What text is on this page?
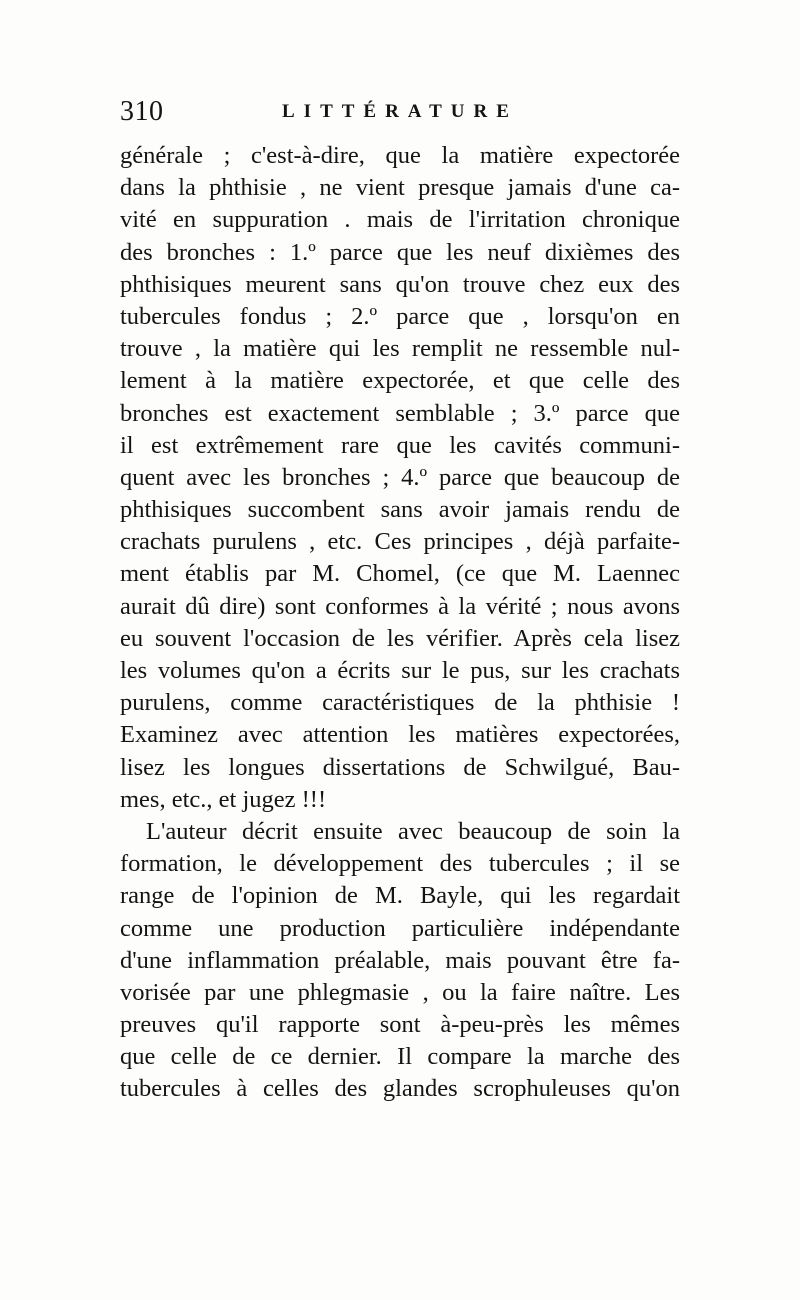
310	LITTÉRATURE
générale ; c'est-à-dire, que la matière expectorée
dans la phthisie , ne vient presque jamais d'une ca-
vité en suppuration . mais de l'irritation chronique
des bronches : 1.º parce que les neuf dixièmes des
phthisiques meurent sans qu'on trouve chez eux des
tubercules fondus ; 2.º parce que , lorsqu'on en
trouve , la matière qui les remplit ne ressemble nul-
lement à la matière expectorée, et que celle des
bronches est exactement semblable ; 3.º parce que
il est extrêmement rare que les cavités communi-
quent avec les bronches ; 4.º parce que beaucoup de
phthisiques succombent sans avoir jamais rendu de
crachats purulens , etc. Ces principes , déjà parfaite-
ment établis par M. Chomel, (ce que M. Laennec
aurait dû dire) sont conformes à la vérité ; nous avons
eu souvent l'occasion de les vérifier. Après cela lisez
les volumes qu'on a écrits sur le pus, sur les crachats
purulens, comme caractéristiques de la phthisie !
Examinez avec attention les matières expectorées,
lisez les longues dissertations de Schwilgué, Bau-
mes, etc., et jugez !!!
L'auteur décrit ensuite avec beaucoup de soin la
formation, le développement des tubercules ; il se
range de l'opinion de M. Bayle, qui les regardait
comme une production particulière indépendante
d'une inflammation préalable, mais pouvant être fa-
vorisée par une phlegmasie , ou la faire naître. Les
preuves qu'il rapporte sont à-peu-près les mêmes
que celle de ce dernier. Il compare la marche des
tubercules à celles des glandes scrophuleuses qu'on
